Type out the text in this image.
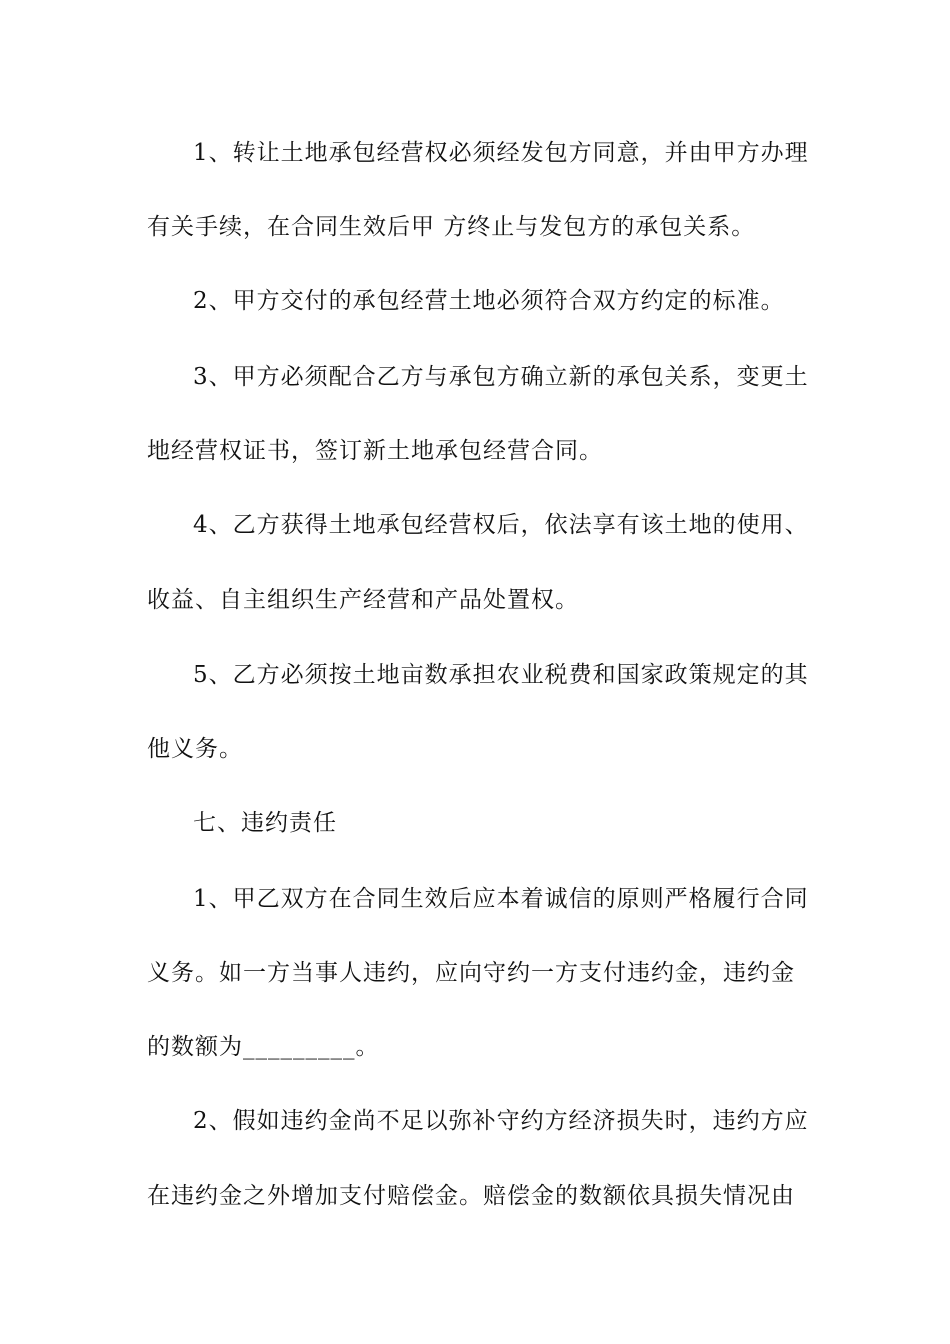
1、转让土地承包经营权必须经发包方同意，并由甲方办理
有关手续，在合同生效后甲 方终止与发包方的承包关系。
2、甲方交付的承包经营土地必须符合双方约定的标准。
3、甲方必须配合乙方与承包方确立新的承包关系，变更土
地经营权证书，签订新土地承包经营合同。
4、乙方获得土地承包经营权后，依法享有该土地的使用、
收益、自主组织生产经营和产品处置权。
5、乙方必须按土地亩数承担农业税费和国家政策规定的其
他义务。
七、违约责任
1、甲乙双方在合同生效后应本着诚信的原则严格履行合同
义务。如一方当事人违约，应向守约一方支付违约金，违约金
的数额为_________。
2、假如违约金尚不足以弥补守约方经济损失时，违约方应
在违约金之外增加支付赔偿金。赔偿金的数额依具损失情况由
